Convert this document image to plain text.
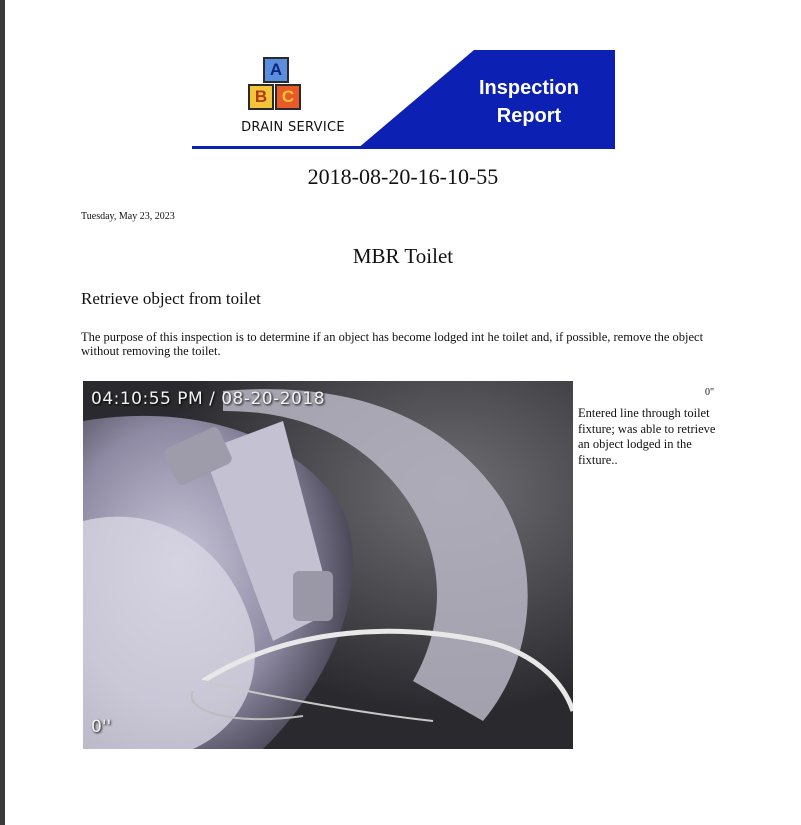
A
B C
DRAIN SERVICE
Inspection
Report
2018-08-20-16-10-55
Tuesday, May 23, 2023
MBR Toilet
Retrieve object from toilet
The purpose of this inspection is to determine if an object has become lodged int he toilet and, if possible, remove the object without removing the toilet.
04:10:55 PM / 08-20-2018
0''
0"
Entered line through toilet fixture; was able to retrieve an object lodged in the fixture..
